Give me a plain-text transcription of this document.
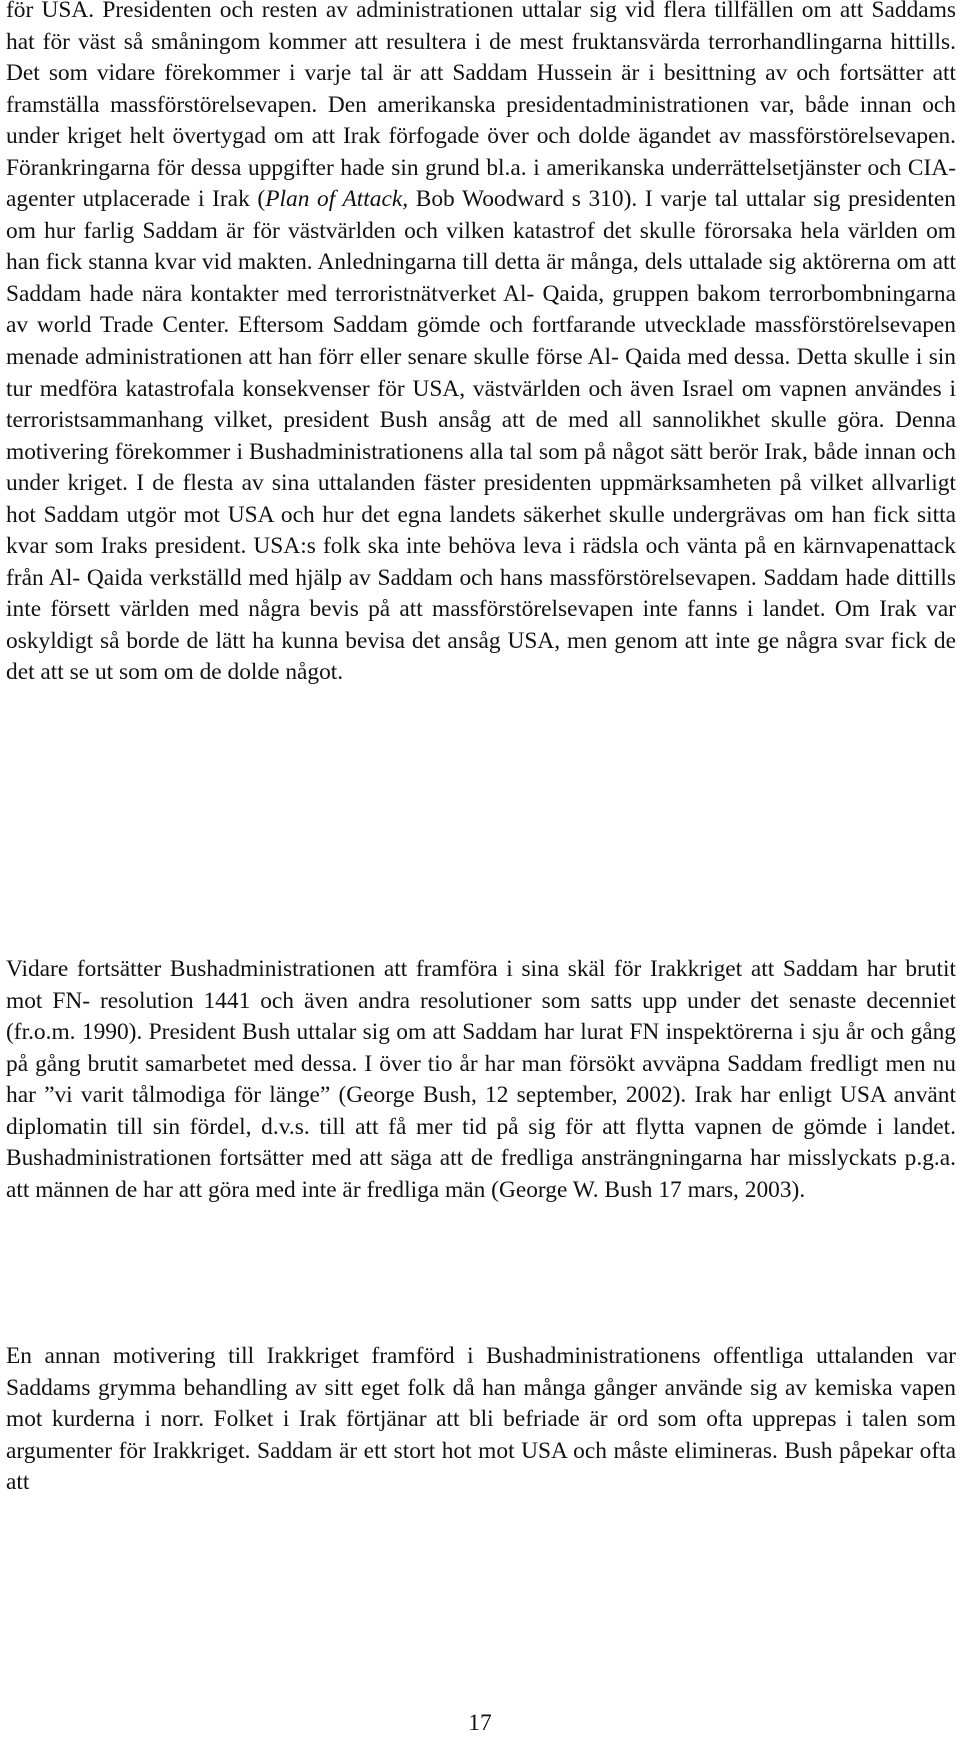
för USA. Presidenten och resten av administrationen uttalar sig vid flera tillfällen om att Saddams hat för väst så småningom kommer att resultera i de mest fruktansvärda terrorhandlingarna hittills. Det som vidare förekommer i varje tal är att Saddam Hussein är i besittning av och fortsätter att framställa massförstörelsevapen. Den amerikanska presidentadministrationen var, både innan och under kriget helt övertygad om att Irak förfogade över och dolde ägandet av massförstörelsevapen. Förankringarna för dessa uppgifter hade sin grund bl.a. i amerikanska underrättelsetjänster och CIA- agenter utplacerade i Irak (Plan of Attack, Bob Woodward s 310). I varje tal uttalar sig presidenten om hur farlig Saddam är för västvärlden och vilken katastrof det skulle förorsaka hela världen om han fick stanna kvar vid makten. Anledningarna till detta är många, dels uttalade sig aktörerna om att Saddam hade nära kontakter med terroristnätverket Al- Qaida, gruppen bakom terrorbombningarna av world Trade Center. Eftersom Saddam gömde och fortfarande utvecklade massförstörelsevapen menade administrationen att han förr eller senare skulle förse Al- Qaida med dessa. Detta skulle i sin tur medföra katastrofala konsekvenser för USA, västvärlden och även Israel om vapnen användes i terroristsammanhang vilket, president Bush ansåg att de med all sannolikhet skulle göra. Denna motivering förekommer i Bushadministrationens alla tal som på något sätt berör Irak, både innan och under kriget. I de flesta av sina uttalanden fäster presidenten uppmärksamheten på vilket allvarligt hot Saddam utgör mot USA och hur det egna landets säkerhet skulle undergrävas om han fick sitta kvar som Iraks president. USA:s folk ska inte behöva leva i rädsla och vänta på en kärnvapenattack från Al- Qaida verkställd med hjälp av Saddam och hans massförstörelsevapen. Saddam hade dittills inte försett världen med några bevis på att massförstörelsevapen inte fanns i landet. Om Irak var oskyldigt så borde de lätt ha kunna bevisa det ansåg USA, men genom att inte ge några svar fick de det att se ut som om de dolde något.

Vidare fortsätter Bushadministrationen att framföra i sina skäl för Irakkriget att Saddam har brutit mot FN- resolution 1441 och även andra resolutioner som satts upp under det senaste decenniet (fr.o.m. 1990). President Bush uttalar sig om att Saddam har lurat FN inspektörerna i sju år och gång på gång brutit samarbetet med dessa. I över tio år har man försökt avväpna Saddam fredligt men nu har ”vi varit tålmodiga för länge” (George Bush, 12 september, 2002). Irak har enligt USA använt diplomatin till sin fördel, d.v.s. till att få mer tid på sig för att flytta vapnen de gömde i landet. Bushadministrationen fortsätter med att säga att de fredliga ansträngningarna har misslyckats p.g.a. att männen de har att göra med inte är fredliga män (George W. Bush 17 mars, 2003).

En annan motivering till Irakkriget framförd i Bushadministrationens offentliga uttalanden var Saddams grymma behandling av sitt eget folk då han många gånger använde sig av kemiska vapen mot kurderna i norr. Folket i Irak förtjänar att bli befriade är ord som ofta upprepas i talen som argumenter för Irakkriget. Saddam är ett stort hot mot USA och måste elimineras. Bush påpekar ofta att

17
